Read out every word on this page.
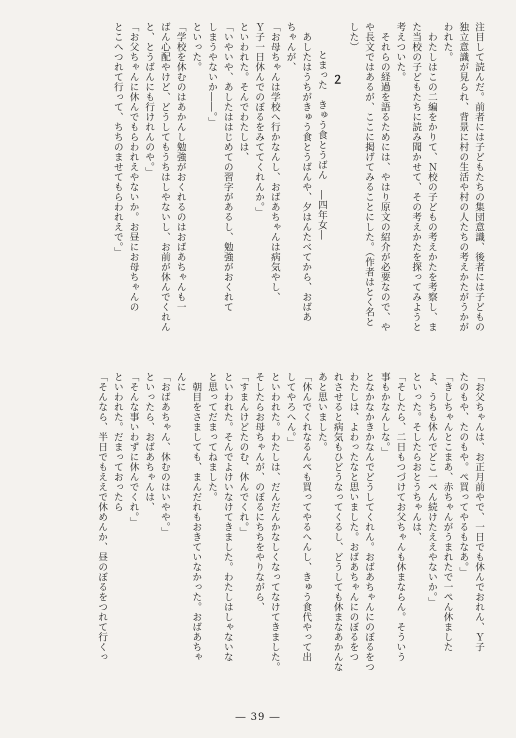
注目して読んだ。前者には子どもたちの集団意識、後者には子どもの
独立意識が見られ、背景に村の生活や村の人たちの考えかたがうかが
われた。
　わたしはこの二編をかりて、Ｎ校の子どもの考えかたを考察し、ま
た当校の子どもたちに読み聞かせて、その考えかたを探ってみようと
考えついた。
　それらの経過を語るためには、やはり原文の紹介が必要なので、や
や長文ではあるが、ここに掲げてみることにした。（作者はとく名と
した）
２
とまった　きゅう食とうばん　―四年女―
　あしたはうちがきゅう食とうばんや、夕はんたべてから、おばあ
ちゃんが、
「お母ちゃんは学校へ行かなんし、おばあちゃんは病気やし、
Ｙ子一日休んでのぼるをみててくれんか。」
といわれた。そんでわたしは、
「いやいや、あしたははじめての習字があるし、勉強がおくれて
しまうやないか――。」
といった。
「学校を休むのはあかんし勉強がおくれるのはおばあちゃんも一
ばん心配やけど、どうしてもうちはしやないし、お前が休んでくれん
と、とうばんにも行けれんのや。」
「お父ちゃんに休んでもらわれえやないか。お昼にお母ちゃんの
とこへつれて行って、ちちのませてもらわれえで。」
「お父ちゃんは、お正月前やで、一日でも休んでおれん、Ｙ子
たのもや、たのもや。ぺ買ってやるもなあ。」
「きしちゃんとこまあ、赤ちゃんがうまれたで一ぺん休ました
よ、うちも休んでどこ一ぺん続けたええやないか。」
といった。そしたらおとうちゃんは、
「そしたら、二日もつづけてお父ちゃんも休まならん。そういう
事もかなんしな。」
となかなかきかなんでどうしてくれん。おばあちゃんにのぼるをつ
わたしは、よわったなと思いました。おばあちゃんにのぼるをつ
れさせると病気もひどうなってくるし、どうしても休まなあかんな
あと思いました。
「休んでくれなるんぺも買ってやるへんし、きゅう食代やって出
してやろへん。」
といわれた。わたしは、だんだんかなしくなってなけてきました。
そしたらお母ちゃんが、のぼるにちちをやりながら、
「すまんけどたのむ、休んでくれ。」
といわれた。そんでよけいなけてきました。わたしはしゃないな
と思ってだまってねました。
　朝目をさましても、まんだれもおきていなかった。おばあちゃ
んに
「おばあちゃん、休むのはいやや。」
といったら、おばあちゃんは、
「そんな事いわずに休んでくれ。」
といわれた。だまっておったら
「そんなら、半日でもええで休めんか、昼のぼるをつれて行くっ
― 39 ―
